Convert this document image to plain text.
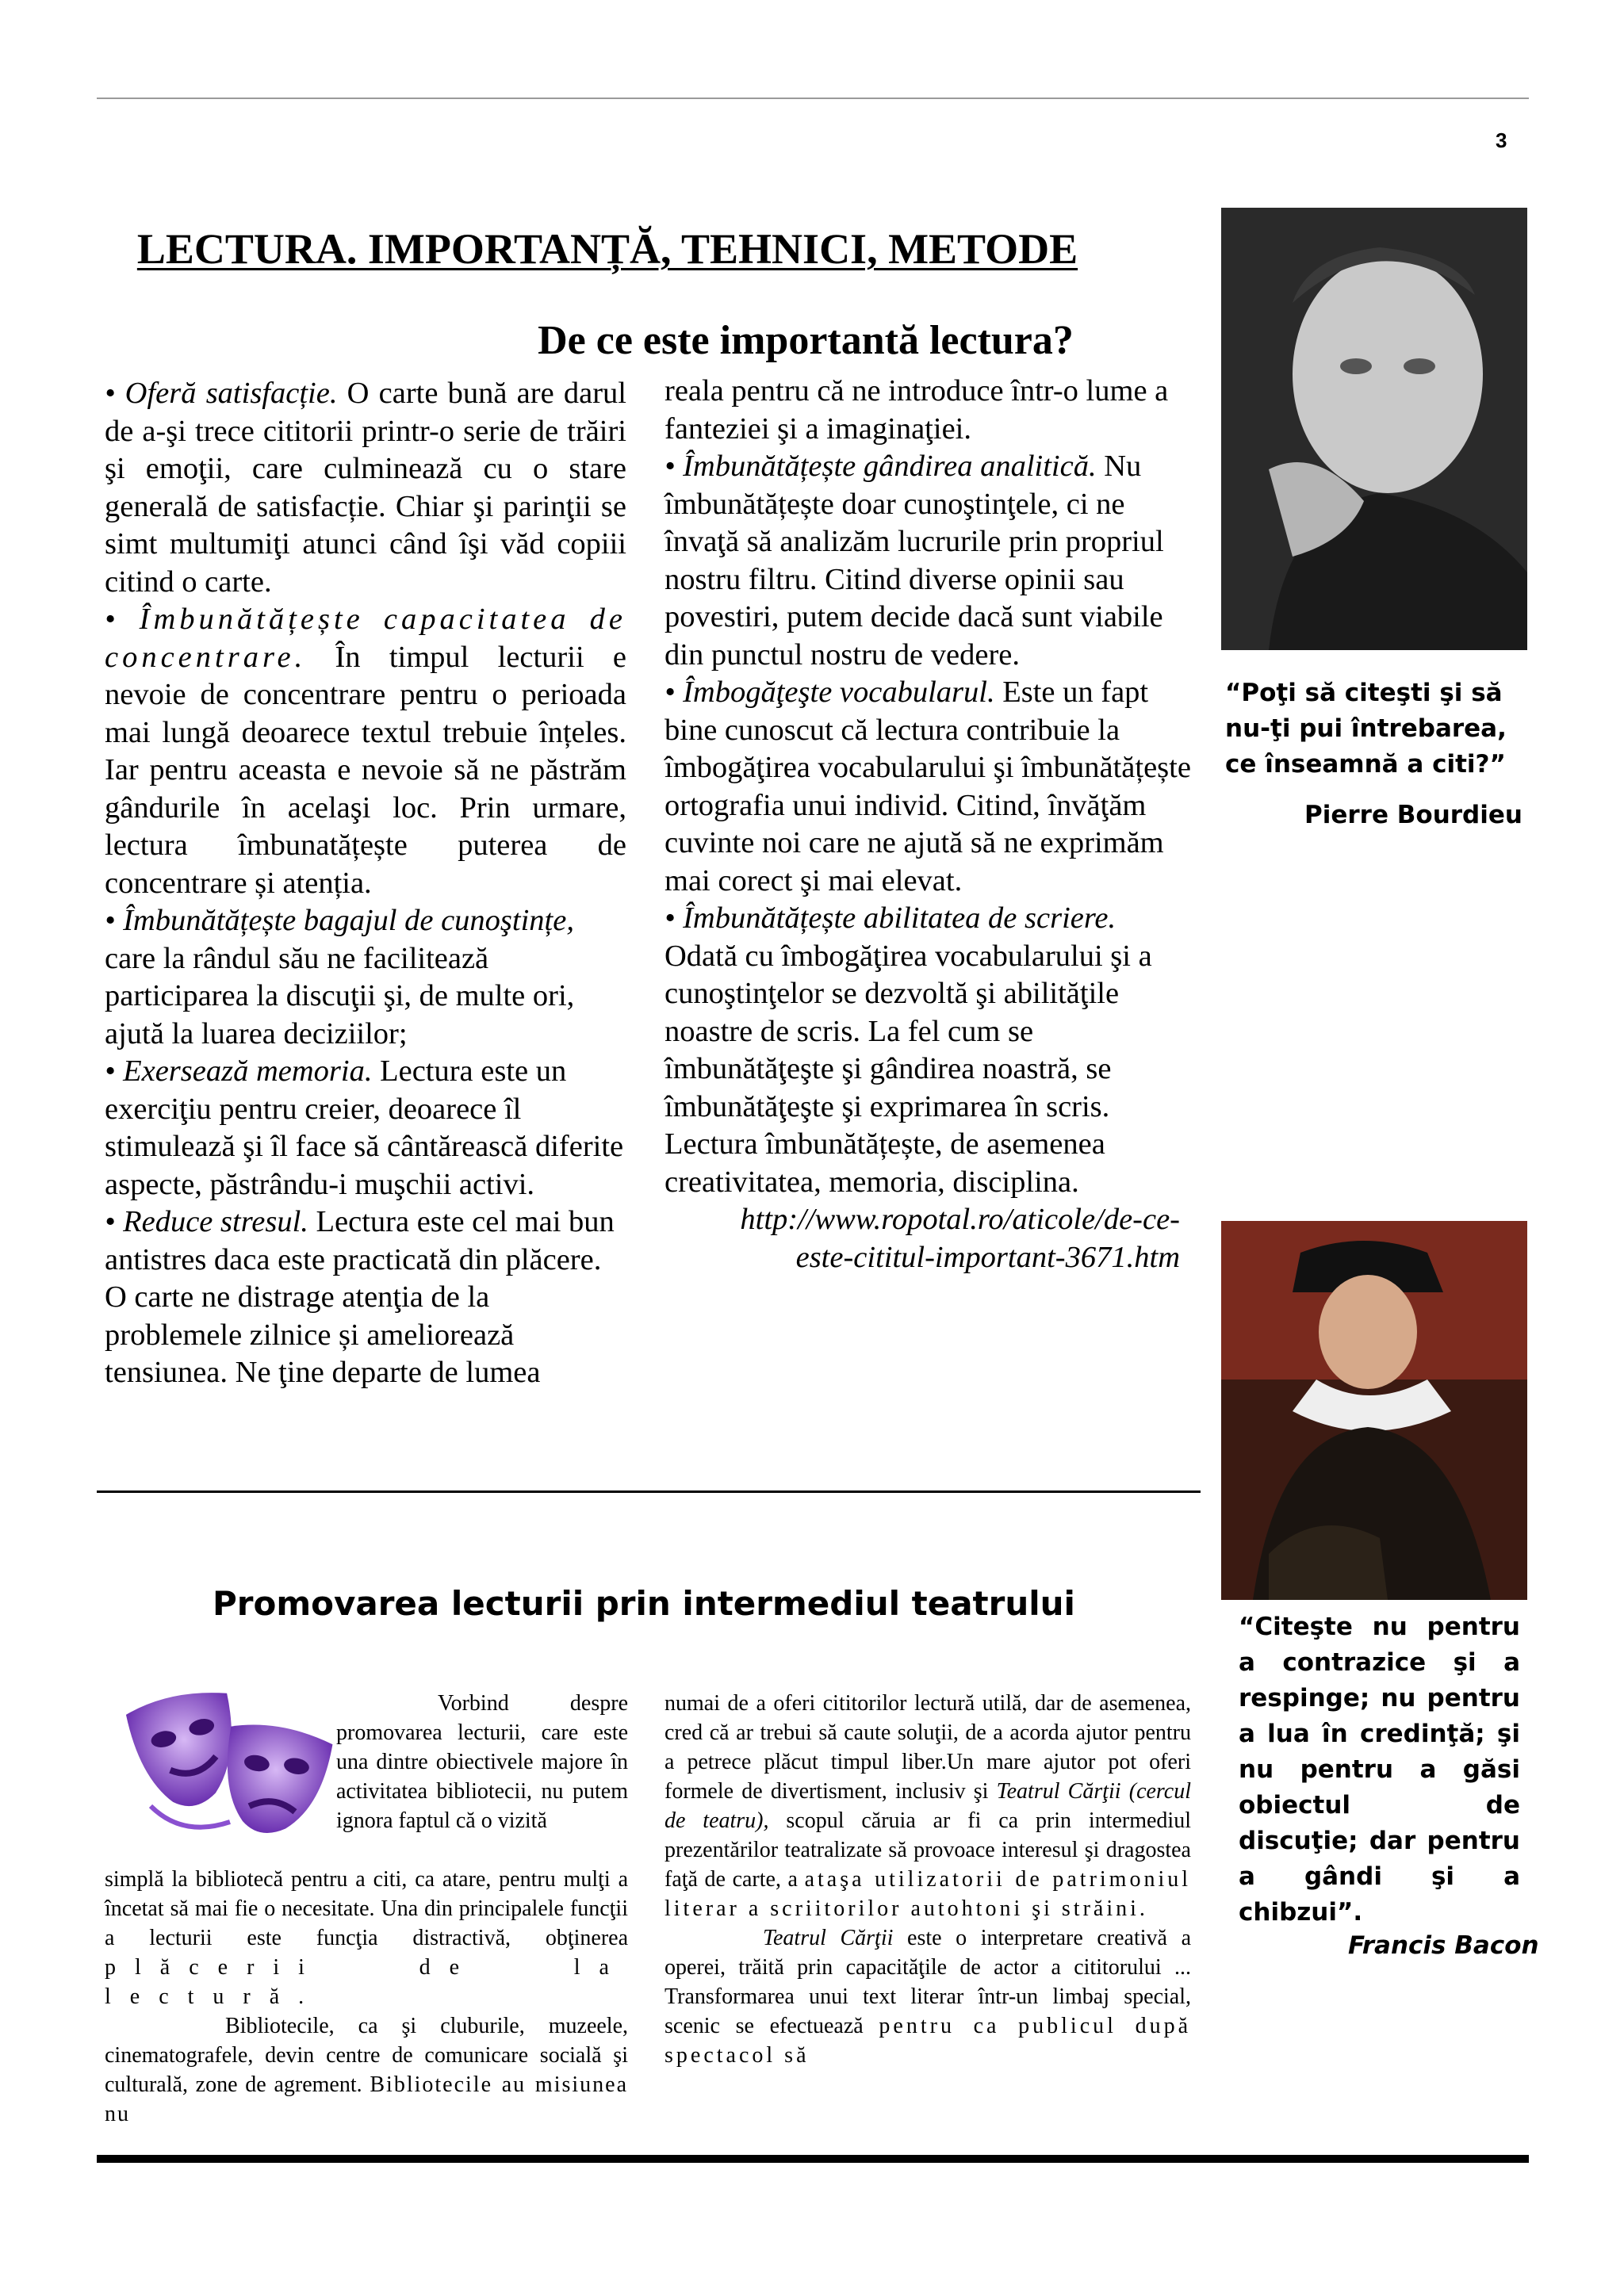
3
LECTURA. IMPORTANȚĂ, TEHNICI, METODE
De ce este importantă lectura?

• Oferă satisfacție. O carte bună are darul de a-şi trece cititorii printr-o serie de trăiri şi emoţii, care culminează cu o stare generală de satisfacție. Chiar şi parinţii se simt multumiţi atunci când îşi văd copiii citind o carte.

• Îmbunătățește capacitatea de concentrare. În timpul lecturii e nevoie de concentrare pentru o perioada mai lungă deoarece textul trebuie înțeles. Iar pentru aceasta e nevoie să ne păstrăm gândurile în acelaşi loc. Prin urmare, lectura îmbunatățește puterea de concentrare și atenția.

• Îmbunătățește bagajul de cunoştințe, care la rândul său ne facilitează participarea la discuţii şi, de multe ori, ajută la luarea deciziilor;

• Exersează memoria. Lectura este un exerciţiu pentru creier, deoarece îl stimulează şi îl face să cântărească diferite aspecte, păstrându-i muşchii activi.

• Reduce stresul. Lectura este cel mai bun antistres daca este practicată din plăcere. O carte ne distrage atenţia de la problemele zilnice și ameliorează tensiunea. Ne ţine departe de lumea

reala pentru că ne introduce într-o lume a fanteziei şi a imaginaţiei.

• Îmbunătățește gândirea analitică. Nu îmbunătățește doar cunoştinţele, ci ne învaţă să analizăm lucrurile prin propriul nostru filtru. Citind diverse opinii sau povestiri, putem decide dacă sunt viabile din punctul nostru de vedere.

• Îmbogăţeşte vocabularul. Este un fapt bine cunoscut că lectura contribuie la îmbogăţirea vocabularului şi îmbunătățește ortografia unui individ. Citind, învăţăm cuvinte noi care ne ajută să ne exprimăm mai corect şi mai elevat.

• Îmbunătățește abilitatea de scriere. Odată cu îmbogăţirea vocabularului şi a cunoştinţelor se dezvoltă şi abilităţile noastre de scris. La fel cum se îmbunătăţeşte şi gândirea noastră, se îmbunătăţeşte şi exprimarea în scris.

Lectura îmbunătățește, de asemenea creativitatea, memoria, disciplina.

http://www.ropotal.ro/aticole/de-ce-
este-cititul-important-3671.htm

“Poţi să citeşti şi să nu-ţi pui întrebarea, ce înseamnă a citi?”
Pierre Bourdieu
“Citeşte nu pentru a contrazice şi a respinge; nu pentru a lua în credinţă; şi nu pentru a găsi obiectul de discuţie; dar pentru a gândi şi a chibzui”.
Francis Bacon
Promovarea lecturii prin intermediul teatrului

Vorbind despre promovarea lecturii, care este una dintre obiectivele majore în activitatea bibliotecii, nu putem ignora faptul că o vizită

simplă la bibliotecă pentru a citi, ca atare, pentru mulţi a încetat să mai fie o necesitate. Una din principalele funcţii a lecturii este funcţia distractivă, obţinerea plăcerii de la lectură.

Bibliotecile, ca şi cluburile, muzeele, cinematografele, devin centre de comunicare socială şi culturală, zone de agrement. Bibliotecile au misiunea nu

numai de a oferi cititorilor lectură utilă, dar de asemenea, cred că ar trebui să caute soluţii, de a acorda ajutor pentru a petrece plăcut timpul liber.Un mare ajutor pot oferi formele de divertisment, inclusiv şi Teatrul Cărţii (cercul de teatru), scopul căruia ar fi ca prin intermediul prezentărilor teatralizate să provoace interesul şi dragostea faţă de carte, a ataşa utilizatorii de patrimoniul literar a scriitorilor autohtoni şi străini.

Teatrul Cărţii este o interpretare creativă a operei, trăită prin capacităţile de actor a cititorului ... Transformarea unui text literar într-un limbaj special, scenic se efectuează pentru ca publicul după spectacol să
